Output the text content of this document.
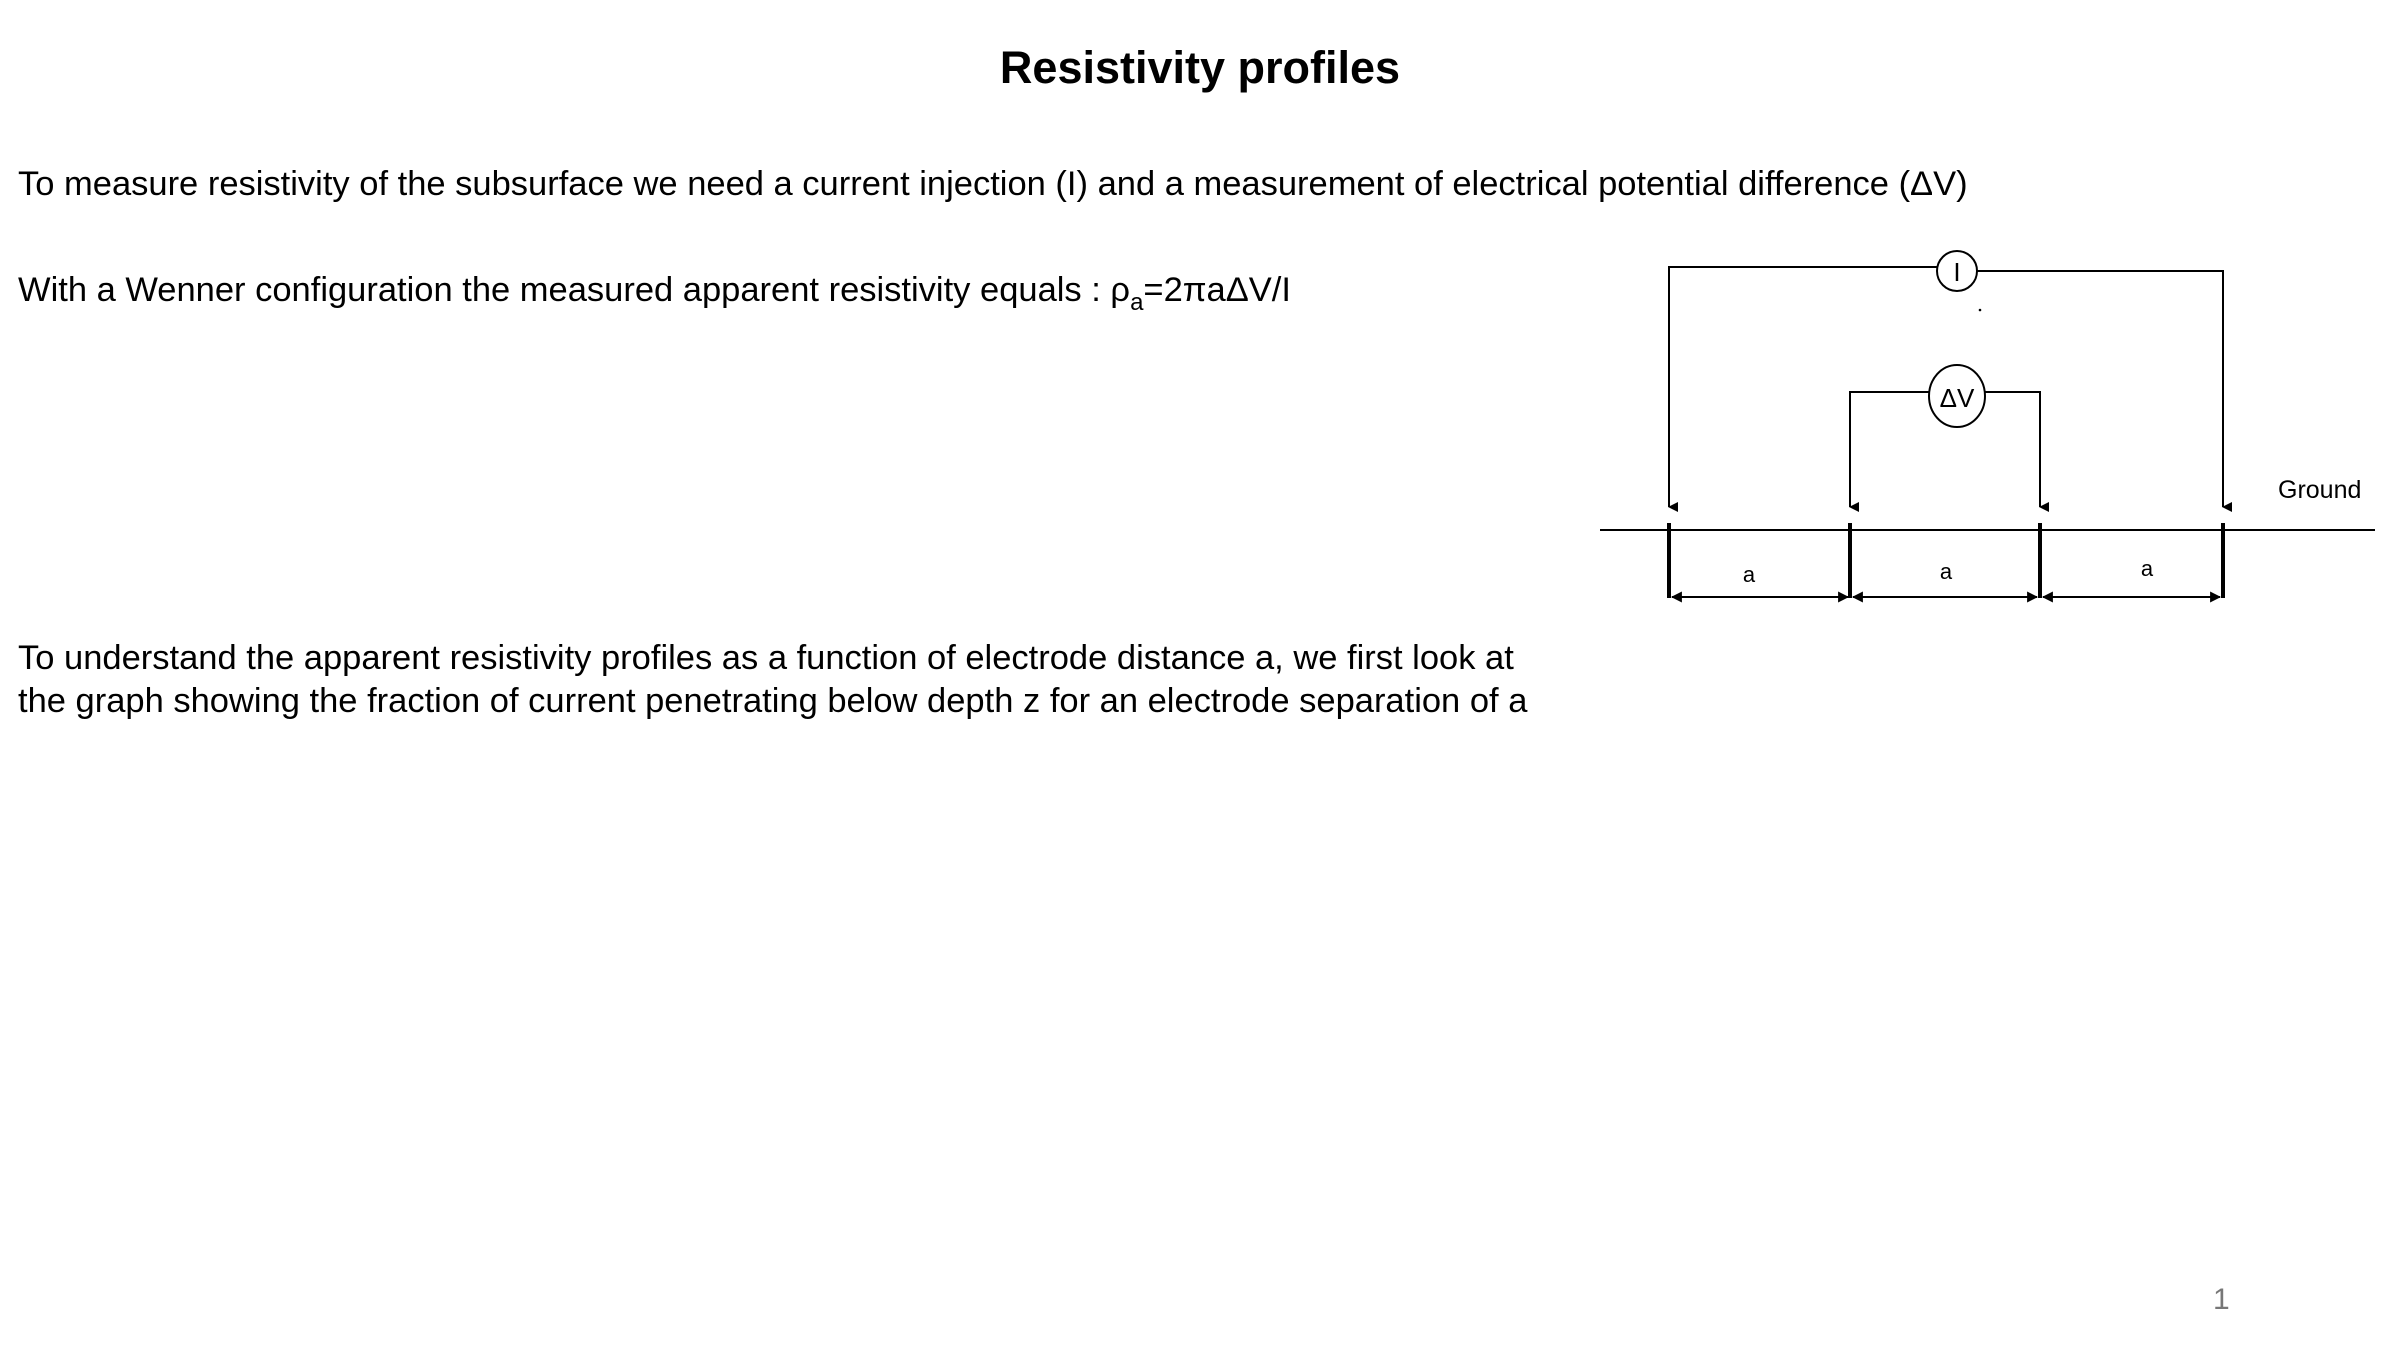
Resistivity profiles

To measure resistivity of the subsurface we need a current injection (I) and a measurement of electrical potential difference (ΔV)

With a Wenner configuration the measured apparent resistivity equals : $\rho_a=2\pi a\Delta V/I$

To understand the apparent resistivity profiles as a function of electrode distance a, we first look at
the graph showing the fraction of current penetrating below depth z for an electrode separation of a

I
ΔV
Ground
a	a	a
1
